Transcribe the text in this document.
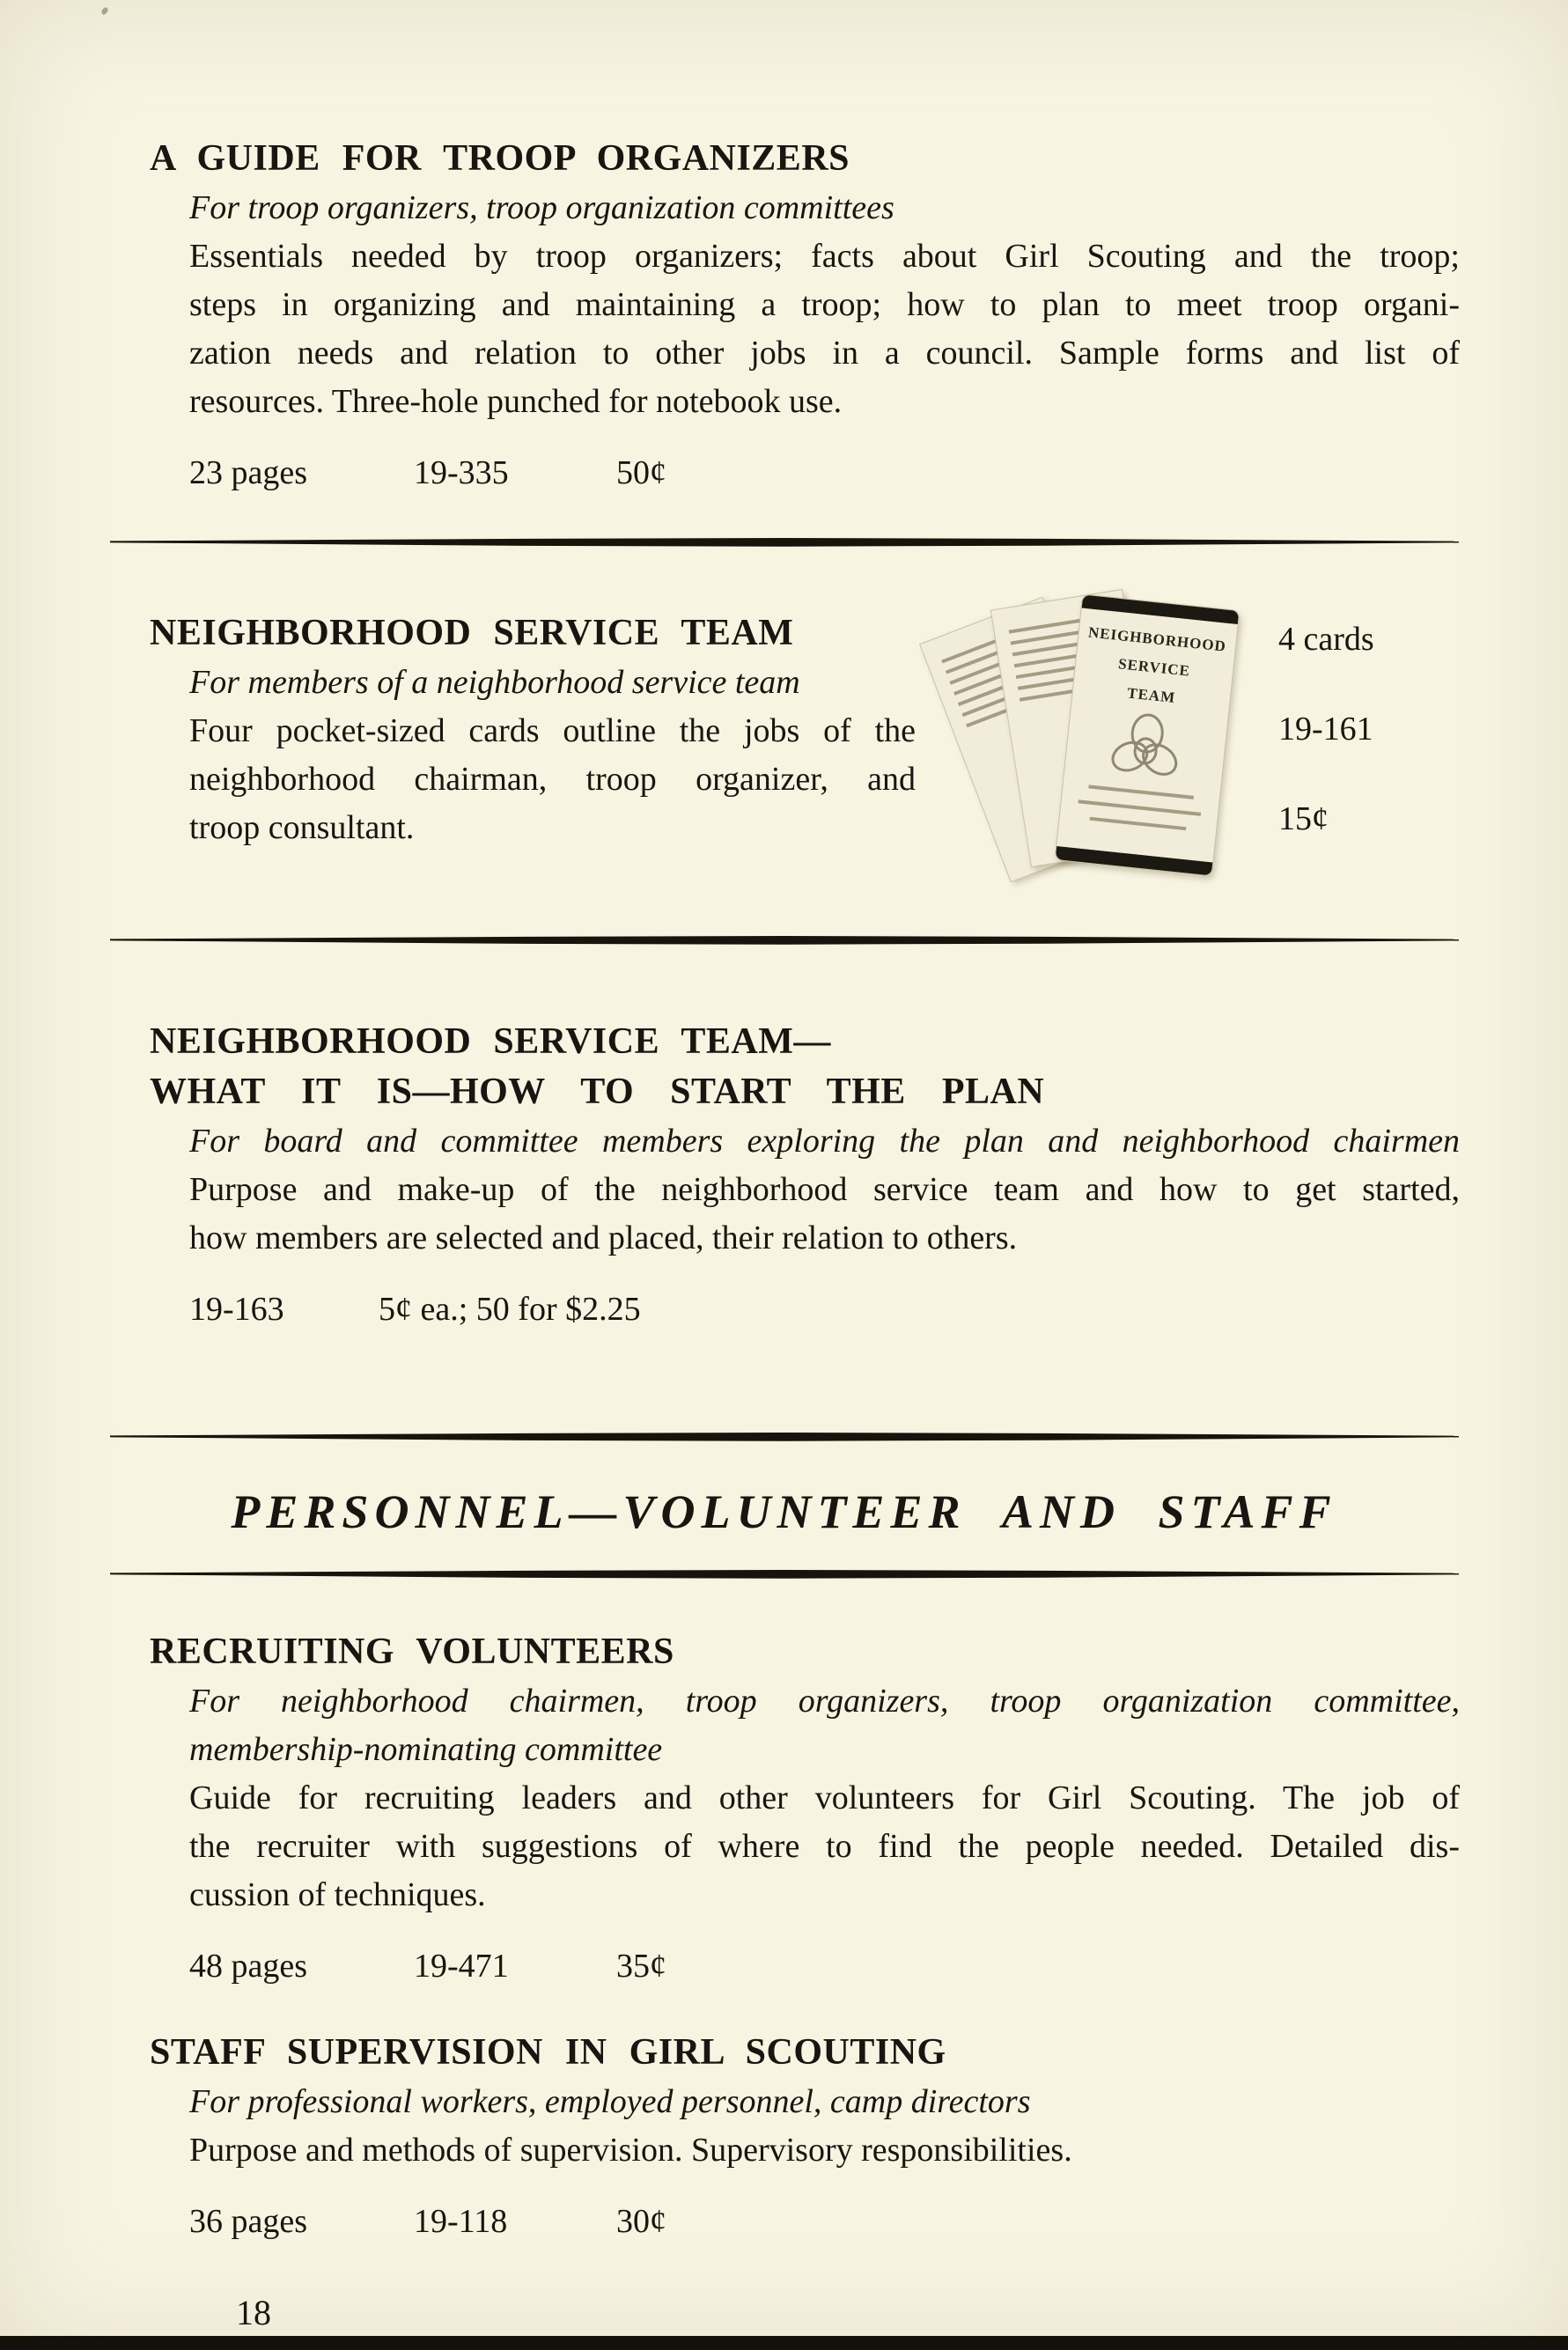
A GUIDE FOR TROOP ORGANIZERS
For troop organizers, troop organization committees
Essentials needed by troop organizers; facts about Girl Scouting and the troop;
steps in organizing and maintaining a troop; how to plan to meet troop organi-
zation needs and relation to other jobs in a council. Sample forms and list of
resources. Three-hole punched for notebook use.
23 pages	19-335	50¢
NEIGHBORHOOD SERVICE TEAM
For members of a neighborhood service team
Four pocket-sized cards outline the jobs of the
neighborhood chairman, troop organizer, and
troop consultant.
NEIGHBORHOOD
SERVICE
TEAM
4 cards
19-161
15¢
NEIGHBORHOOD SERVICE TEAM—
WHAT IT IS—HOW TO START THE PLAN
For board and committee members exploring the plan and neighborhood chairmen
Purpose and make-up of the neighborhood service team and how to get started,
how members are selected and placed, their relation to others.
19-163	5¢ ea.; 50 for $2.25
PERSONNEL—VOLUNTEER AND STAFF
RECRUITING VOLUNTEERS
For neighborhood chairmen, troop organizers, troop organization committee,
membership-nominating committee
Guide for recruiting leaders and other volunteers for Girl Scouting. The job of
the recruiter with suggestions of where to find the people needed. Detailed dis-
cussion of techniques.
48 pages	19-471	35¢
STAFF SUPERVISION IN GIRL SCOUTING
For professional workers, employed personnel, camp directors
Purpose and methods of supervision. Supervisory responsibilities.
36 pages	19-118	30¢
18
